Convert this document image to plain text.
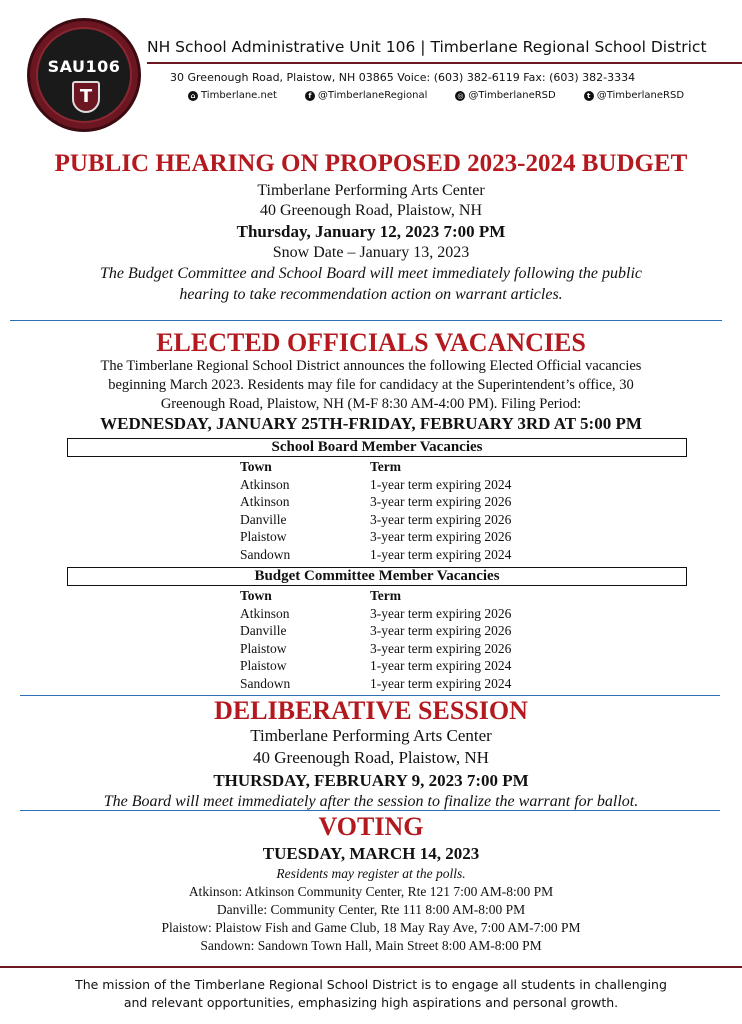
SAU106
T
NH School Administrative Unit 106 | Timberlane Regional School District
30 Greenough Road, Plaistow, NH 03865 Voice: (603) 382-6119 Fax: (603) 382-3334
⌂ Timberlane.net	f @TimberlaneRegional	◎ @TimberlaneRSD	t @TimberlaneRSD
PUBLIC HEARING ON PROPOSED 2023-2024 BUDGET
Timberlane Performing Arts Center
40 Greenough Road, Plaistow, NH
Thursday, January 12, 2023 7:00 PM
Snow Date – January 13, 2023
The Budget Committee and School Board will meet immediately following the public
hearing to take recommendation action on warrant articles.
ELECTED OFFICIALS VACANCIES
The Timberlane Regional School District announces the following Elected Official vacancies
beginning March 2023. Residents may file for candidacy at the Superintendent’s office, 30
Greenough Road, Plaistow, NH (M-F 8:30 AM-4:00 PM). Filing Period:
WEDNESDAY, JANUARY 25TH-FRIDAY, FEBRUARY 3RD AT 5:00 PM
School Board Member Vacancies
Town	Term
Atkinson	1-year term expiring 2024
Atkinson	3-year term expiring 2026
Danville	3-year term expiring 2026
Plaistow	3-year term expiring 2026
Sandown	1-year term expiring 2024
Budget Committee Member Vacancies
Town	Term
Atkinson	3-year term expiring 2026
Danville	3-year term expiring 2026
Plaistow	3-year term expiring 2026
Plaistow	1-year term expiring 2024
Sandown	1-year term expiring 2024
DELIBERATIVE SESSION
Timberlane Performing Arts Center
40 Greenough Road, Plaistow, NH
THURSDAY, FEBRUARY 9, 2023 7:00 PM
The Board will meet immediately after the session to finalize the warrant for ballot.
VOTING
TUESDAY, MARCH 14, 2023
Residents may register at the polls.
Atkinson: Atkinson Community Center, Rte 121 7:00 AM-8:00 PM
Danville: Community Center, Rte 111 8:00 AM-8:00 PM
Plaistow: Plaistow Fish and Game Club, 18 May Ray Ave, 7:00 AM-7:00 PM
Sandown: Sandown Town Hall, Main Street 8:00 AM-8:00 PM
The mission of the Timberlane Regional School District is to engage all students in challenging
and relevant opportunities, emphasizing high aspirations and personal growth.
